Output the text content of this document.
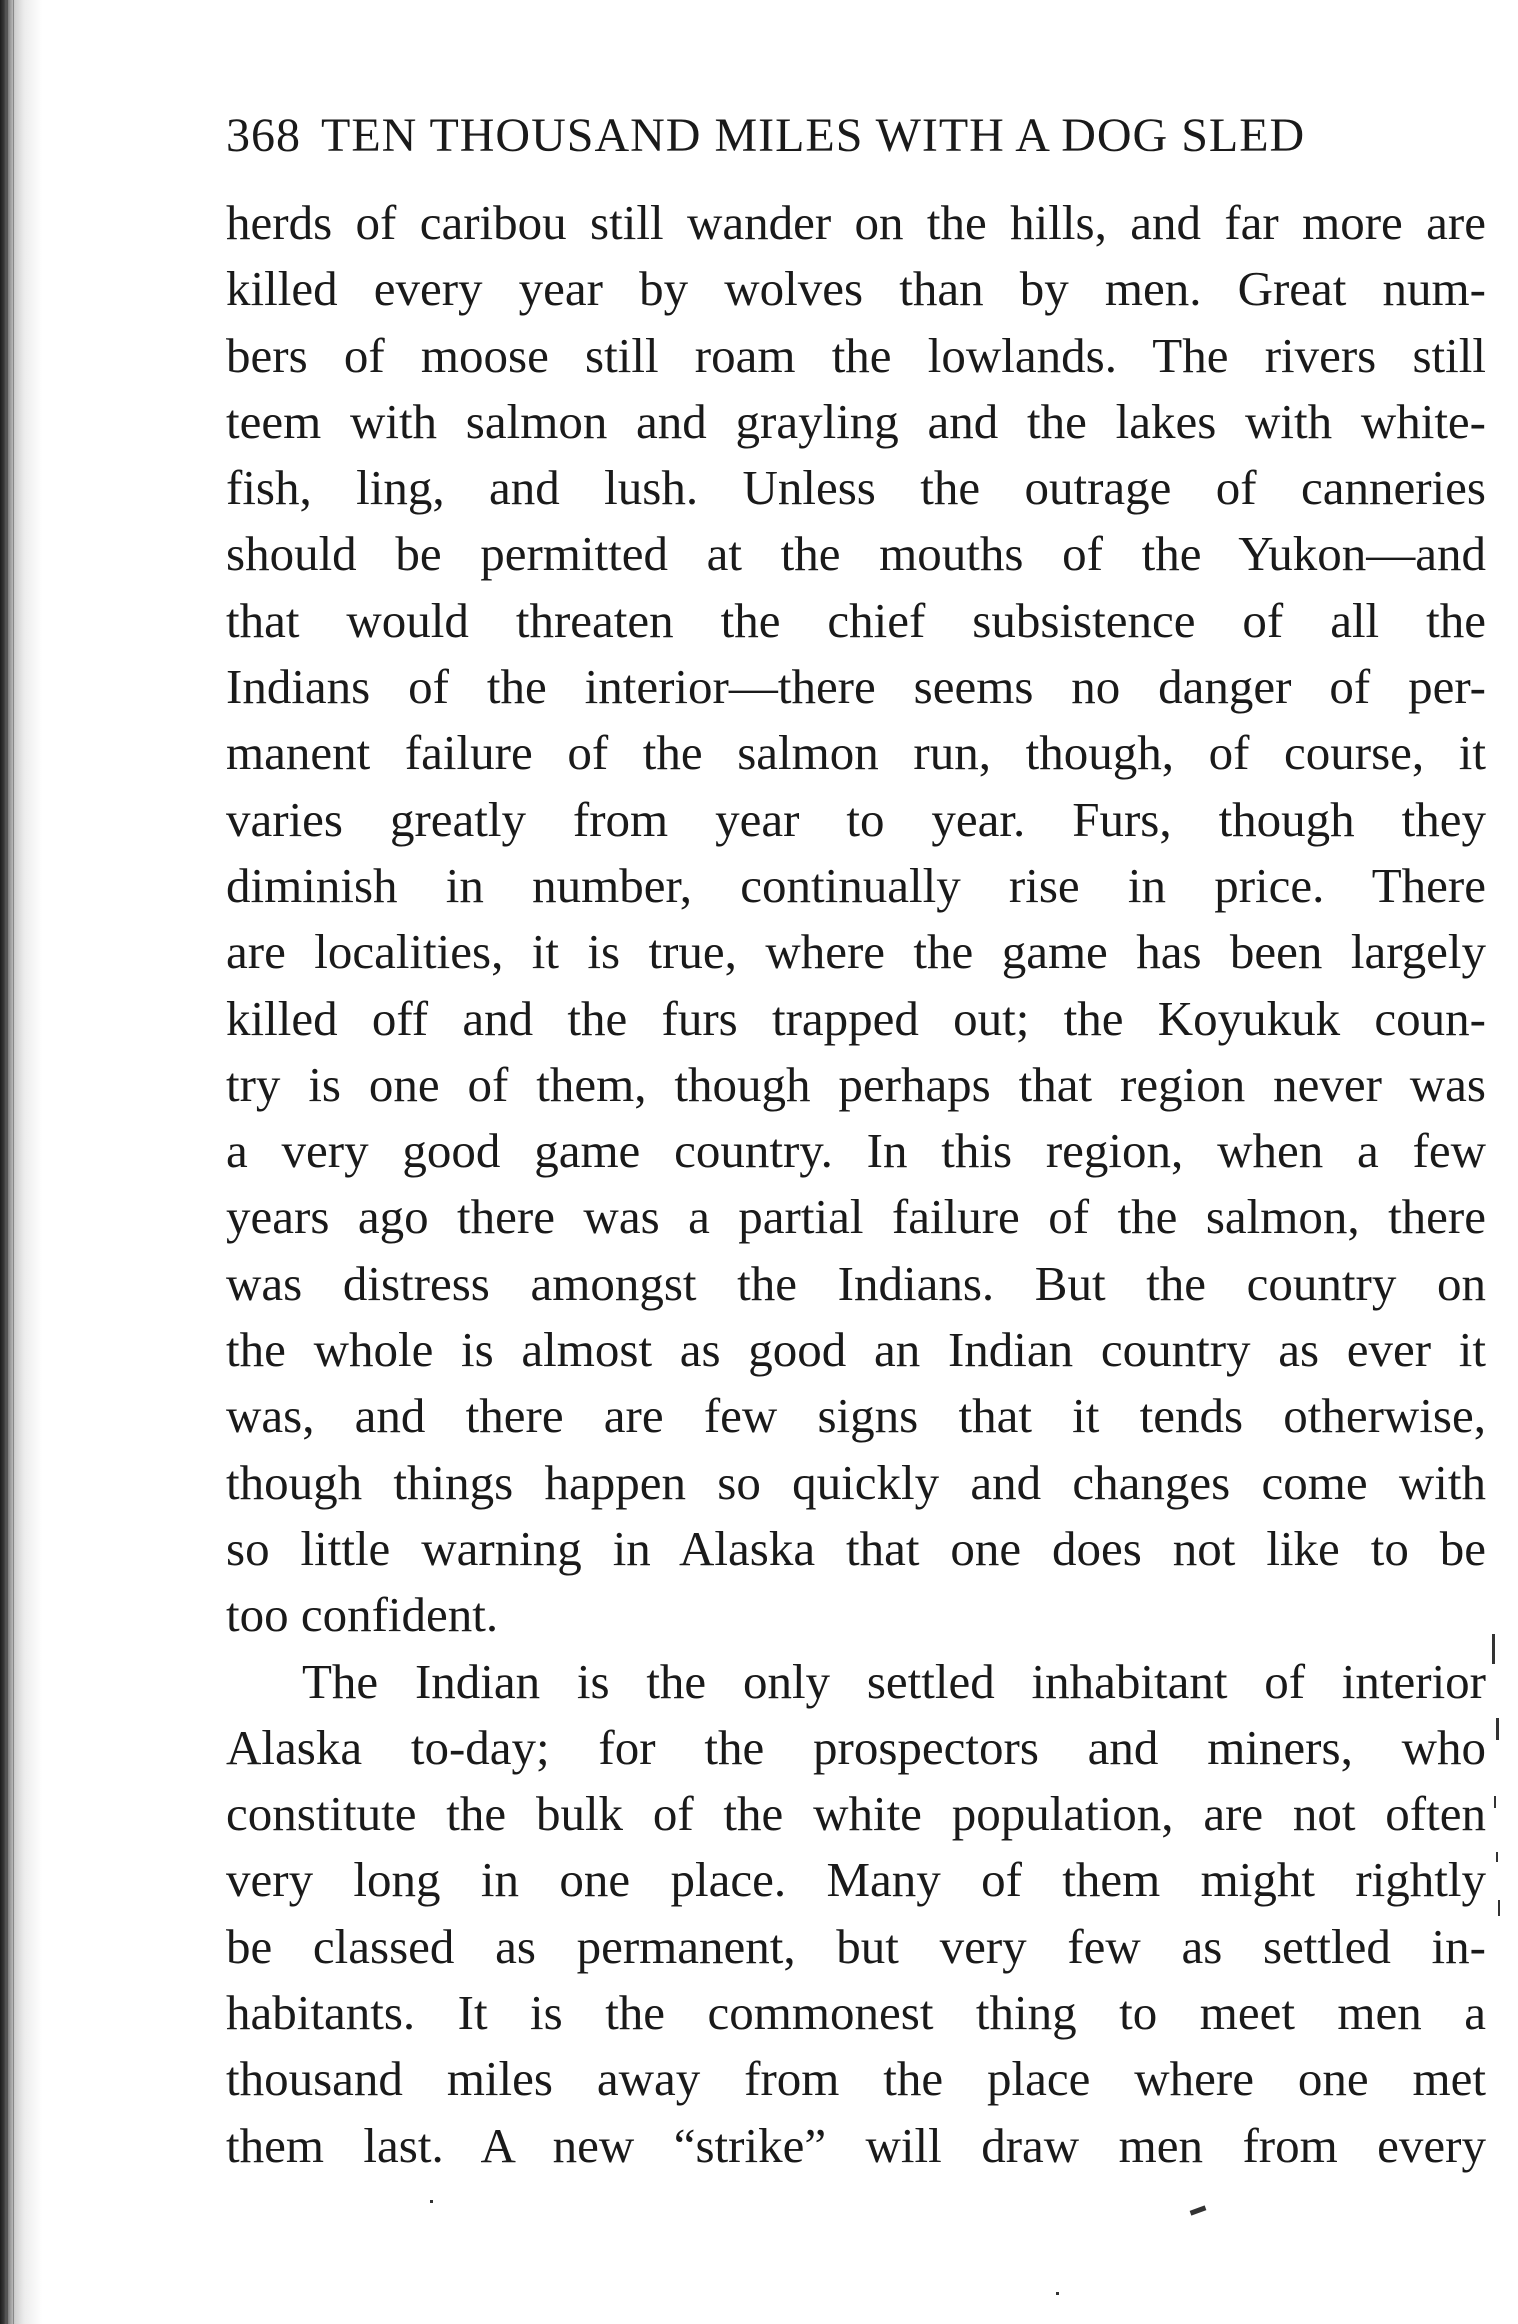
368 TEN THOUSAND MILES WITH A DOG SLED

herds of caribou still wander on the hills, and far more are

killed every year by wolves than by men. Great num-

bers of moose still roam the lowlands. The rivers still

teem with salmon and grayling and the lakes with white-

fish, ling, and lush. Unless the outrage of canneries

should be permitted at the mouths of the Yukon—and

that would threaten the chief subsistence of all the

Indians of the interior—there seems no danger of per-

manent failure of the salmon run, though, of course, it

varies greatly from year to year. Furs, though they

diminish in number, continually rise in price. There

are localities, it is true, where the game has been largely

killed off and the furs trapped out; the Koyukuk coun-

try is one of them, though perhaps that region never was

a very good game country. In this region, when a few

years ago there was a partial failure of the salmon, there

was distress amongst the Indians. But the country on

the whole is almost as good an Indian country as ever it

was, and there are few signs that it tends otherwise,

though things happen so quickly and changes come with

so little warning in Alaska that one does not like to be

too confident.

The Indian is the only settled inhabitant of interior

Alaska to-day; for the prospectors and miners, who

constitute the bulk of the white population, are not often

very long in one place. Many of them might rightly

be classed as permanent, but very few as settled in-

habitants. It is the commonest thing to meet men a

thousand miles away from the place where one met

them last. A new “strike” will draw men from every
